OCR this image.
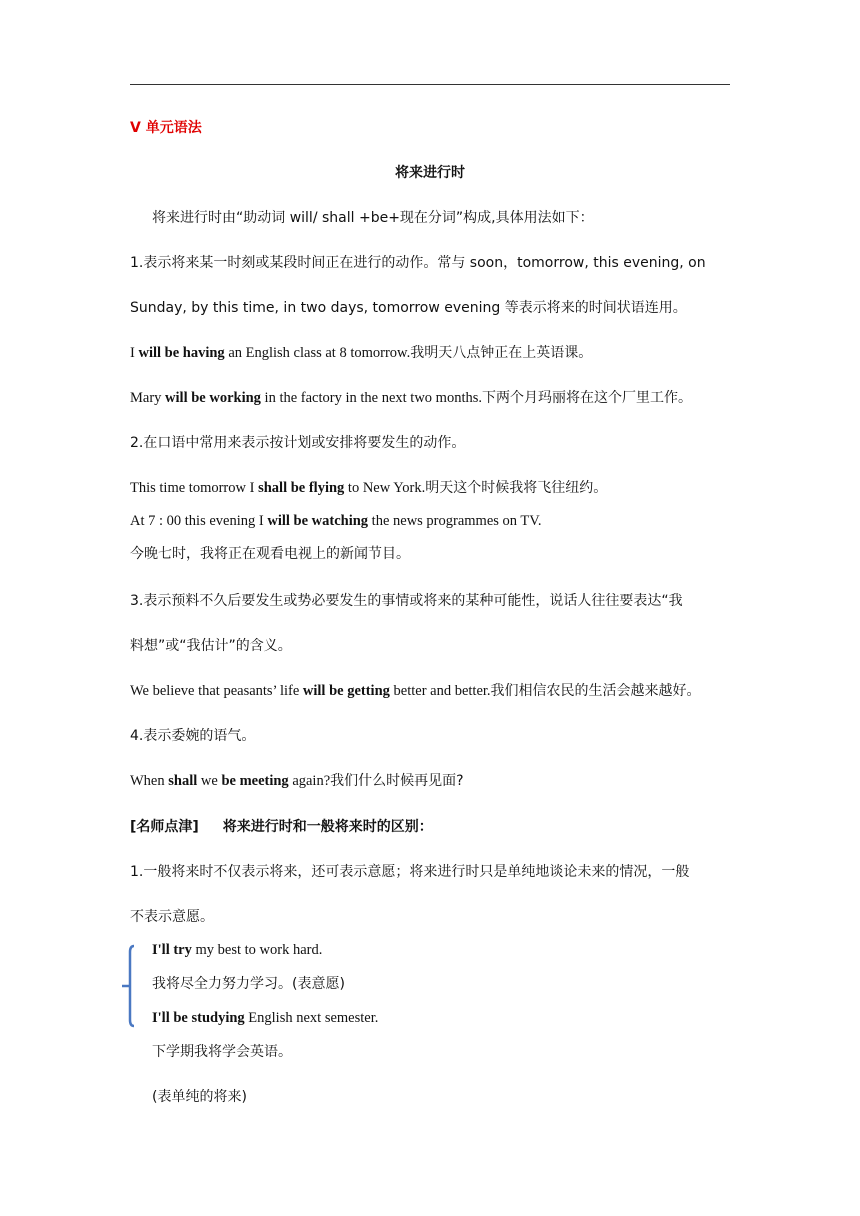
V 单元语法
将来进行时
将来进行时由“助动词 will/ shall +be+现在分词”构成,具体用法如下：
1.表示将来某一时刻或某段时间正在进行的动作。常与 soon，tomorrow, this evening, on
Sunday, by this time, in two days, tomorrow evening 等表示将来的时间状语连用。
I will be having an English class at 8 tomorrow.我明天八点钟正在上英语课。
Mary will be working in the factory in the next two months.下两个月玛丽将在这个厂里工作。
2.在口语中常用来表示按计划或安排将要发生的动作。
This time tomorrow I shall be flying to New York.明天这个时候我将飞往纽约。
At 7 : 00 this evening I will be watching the news programmes on TV.
今晚七时，我将正在观看电视上的新闻节目。
3.表示预料不久后要发生或势必要发生的事情或将来的某种可能性，说话人往往要表达“我
料想”或“我估计”的含义。
We believe that peasants’ life will be getting better and better.我们相信农民的生活会越来越好。
4.表示委婉的语气。
When shall we be meeting again?我们什么时候再见面?
[名师点津] 将来进行时和一般将来时的区别：
1.一般将来时不仅表示将来，还可表示意愿；将来进行时只是单纯地谈论未来的情况，一般
不表示意愿。
I'll try my best to work hard.
我将尽全力努力学习。(表意愿)
I'll be studying English next semester.
下学期我将学会英语。
(表单纯的将来)
